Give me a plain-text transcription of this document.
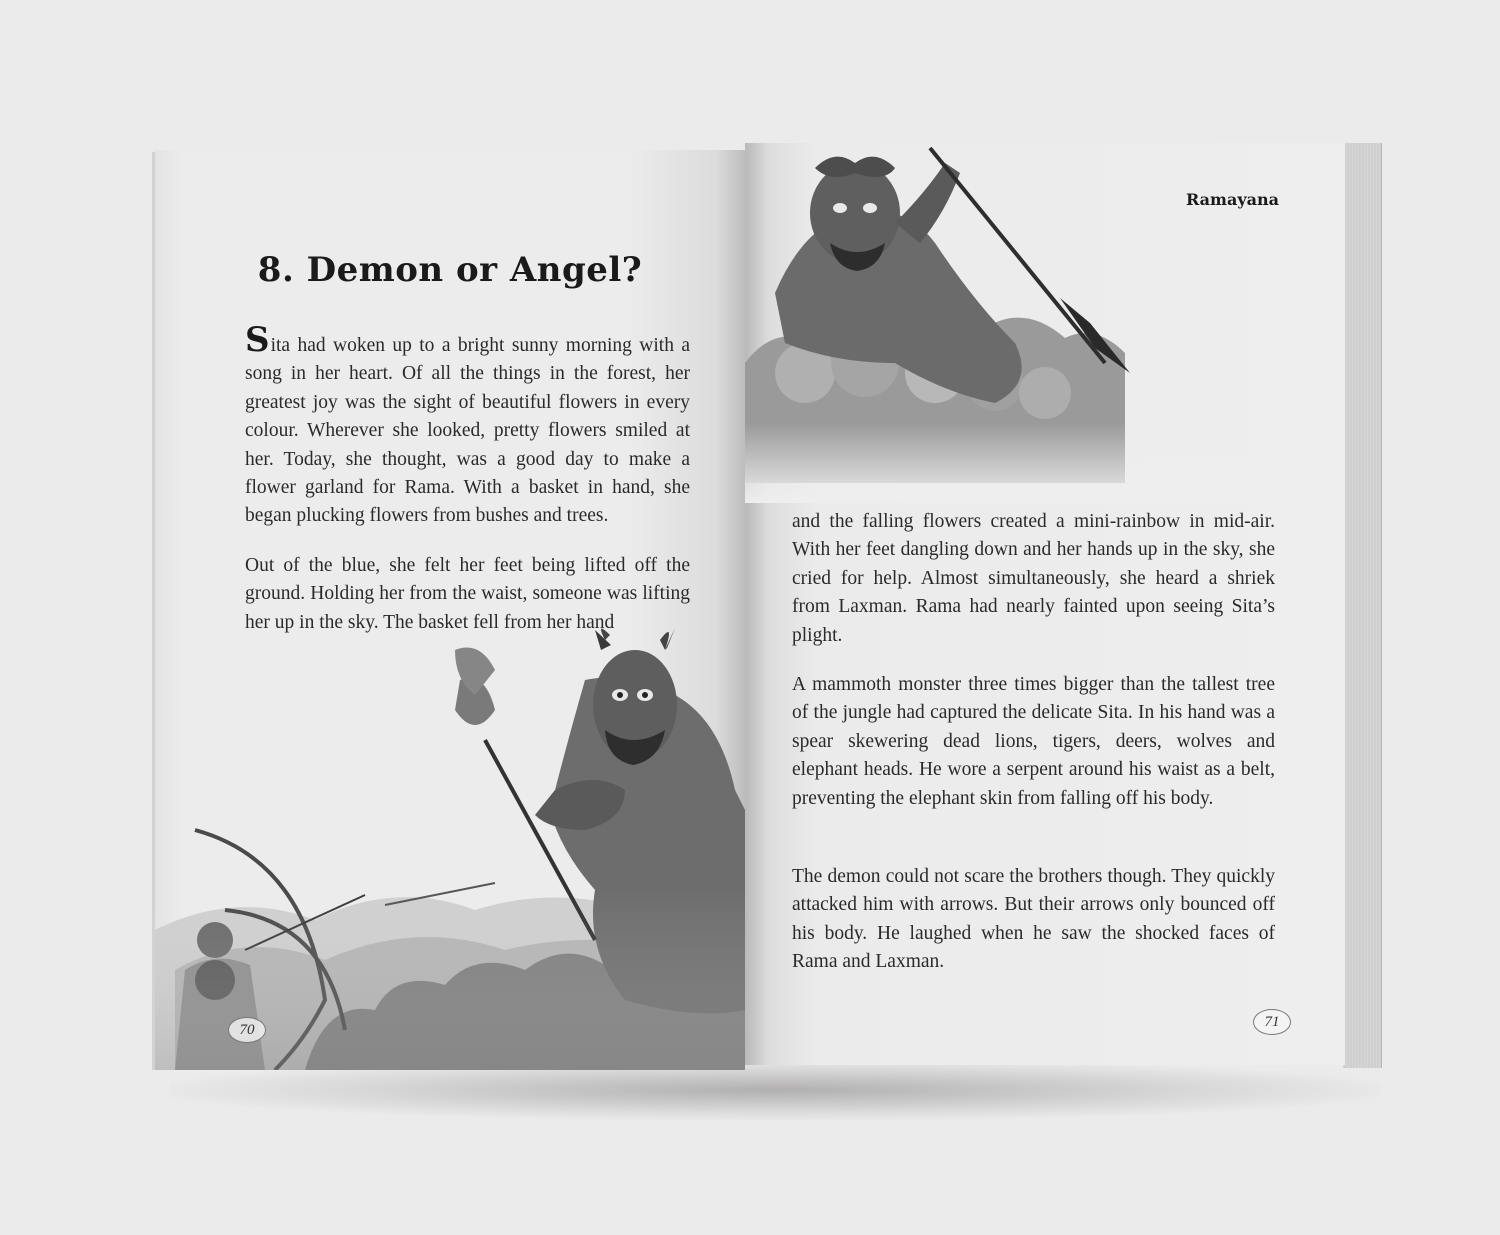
8. Demon or Angel?

Sita had woken up to a bright sunny morning with a song in her heart. Of all the things in the forest, her greatest joy was the sight of beautiful flowers in every colour. Wherever she looked, pretty flowers smiled at her. Today, she thought, was a good day to make a flower garland for Rama. With a basket in hand, she began plucking flowers from bushes and trees.

Out of the blue, she felt her feet being lifted off the ground. Holding her from the waist, someone was lifting her up in the sky. The basket fell from her hand

70
Ramayana

and the falling flowers created a mini-rainbow in mid-air. With her feet dangling down and her hands up in the sky, she cried for help. Almost simultaneously, she heard a shriek from Laxman. Rama had nearly fainted upon seeing Sita’s plight.

A mammoth monster three times bigger than the tallest tree of the jungle had captured the delicate Sita. In his hand was a spear skewering dead lions, tigers, deers, wolves and elephant heads. He wore a serpent around his waist as a belt, preventing the elephant skin from falling off his body.

The demon could not scare the brothers though. They quickly attacked him with arrows. But their arrows only bounced off his body. He laughed when he saw the shocked faces of Rama and Laxman.

71
